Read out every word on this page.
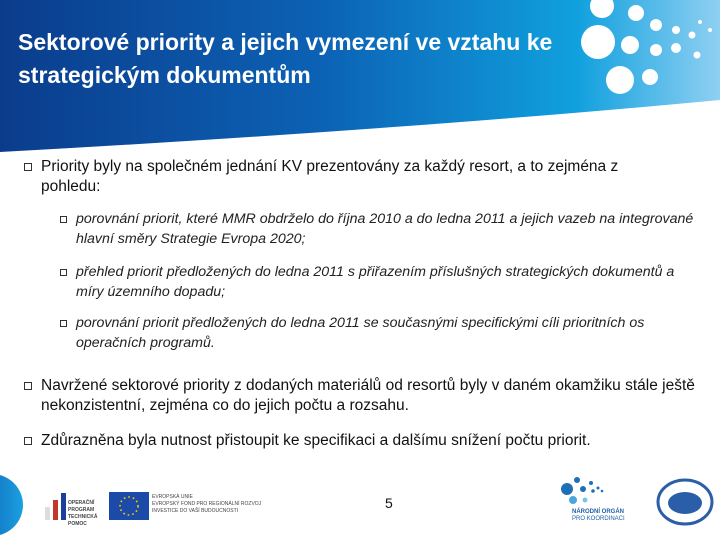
Sektorové priority a jejich vymezení ve vztahu ke strategickým dokumentům
Priority byly na společném jednání KV prezentovány za každý resort, a to zejména z pohledu:
porovnání priorit, které MMR obdrželo do října 2010 a do ledna 2011 a jejich vazeb na integrované hlavní směry Strategie Evropa 2020;
přehled priorit předložených do ledna 2011 s přiřazením příslušných strategických dokumentů a míry územního dopadu;
porovnání priorit předložených do ledna 2011 se současnými specifickými cíli prioritních os operačních programů.
Navržené sektorové priority z dodaných materiálů od resortů byly v daném okamžiku stále ještě nekonzistentní, zejména co do jejich počtu a rozsahu.
Zdůrazněna byla nutnost přistoupit ke specifikaci a dalšímu snížení počtu priorit.
5
OPERAČNÍ PROGRAM TECHNICKÁ POMOC
EVROPSKÁ UNIE
EVROPSKÝ FOND PRO REGIONÁLNÍ ROZVOJ
INVESTICE DO VAŠÍ BUDOUCNOSTI	NÁRODNÍ ORGÁN
PRO KOORDINACI
